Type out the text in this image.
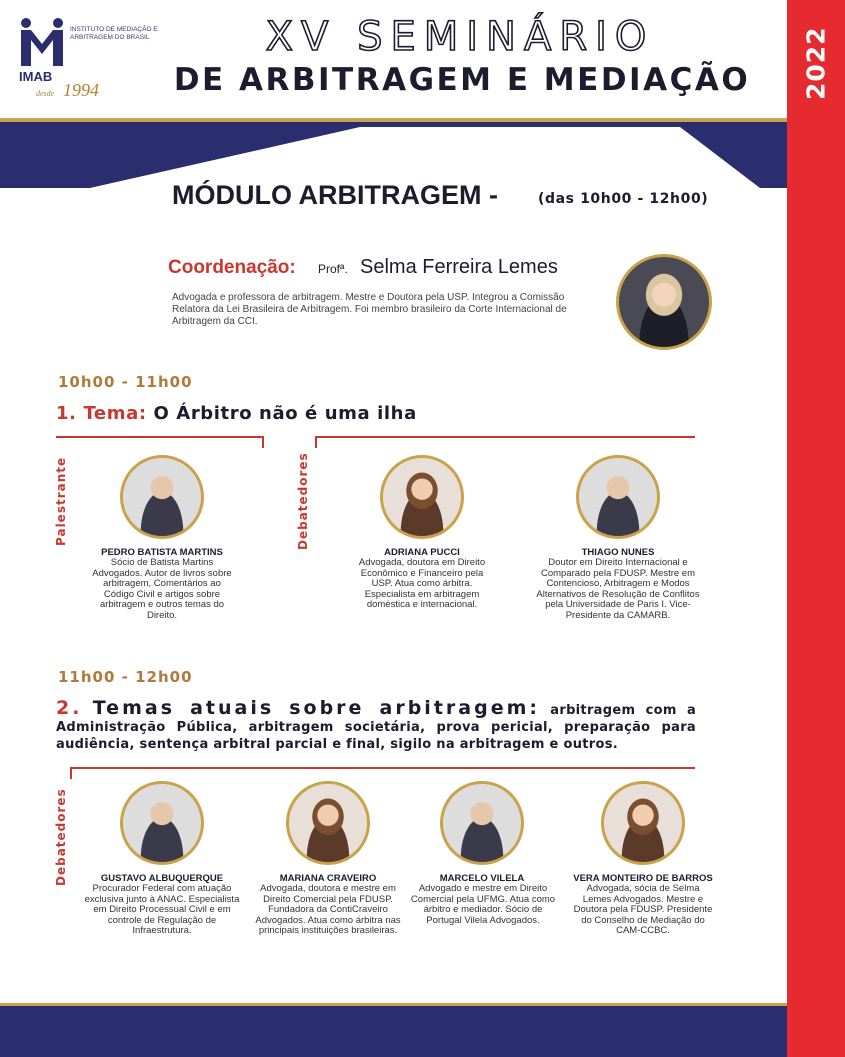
2022
INSTITUTO DE MEDIAÇÃO E ARBITRAGEM DO BRASIL
IMAB
desde 1994
XV SEMINÁRIO
DE ARBITRAGEM E MEDIAÇÃO
MÓDULO ARBITRAGEM -	(das 10h00 - 12h00)
Coordenação: Profª. Selma Ferreira Lemes
Advogada e professora de arbitragem. Mestre e Doutora pela USP. Integrou a Comissão Relatora da Lei Brasileira de Arbitragem. Foi membro brasileiro da Corte Internacional de Arbitragem da CCI.
10h00 - 11h00
1. Tema: O Árbitro não é uma ilha
Palestrante	Debatedores
PEDRO BATISTA MARTINS
Sócio de Batista Martins Advogados. Autor de livros sobre arbitragem, Comentários ao Código Civil e artigos sobre arbitragem e outros temas do Direito.
ADRIANA PUCCI
Advogada, doutora em Direito Econômico e Financeiro pela USP. Atua como árbitra. Especialista em arbitragem doméstica e internacional.
THIAGO NUNES
Doutor em Direito Internacional e Comparado pela FDUSP. Mestre em Contencioso, Arbitragem e Modos Alternativos de Resolução de Conflitos pela Universidade de Paris I. Vice-Presidente da CAMARB.
11h00 - 12h00
2. Temas atuais sobre arbitragem: arbitragem com a Administração Pública, arbitragem societária, prova pericial, preparação para audiência, sentença arbitral parcial e final, sigilo na arbitragem e outros.
Debatedores	GUSTAVO ALBUQUERQUE
Procurador Federal com atuação exclusiva junto à ANAC. Especialista em Direito Processual Civil e em controle de Regulação de Infraestrutura.
MARIANA CRAVEIRO
Advogada, doutora e mestre em Direito Comercial pela FDUSP. Fundadora da ContiCraveiro Advogados. Atua como árbitra nas principais instituições brasileiras.
MARCELO VILELA
Advogado e mestre em Direito Comercial pela UFMG. Atua como árbitro e mediador. Sócio de Portugal Vilela Advogados.
VERA MONTEIRO DE BARROS
Advogada, sócia de Selma Lemes Advogados. Mestre e Doutora pela FDUSP. Presidente do Conselho de Mediação do CAM-CCBC.
